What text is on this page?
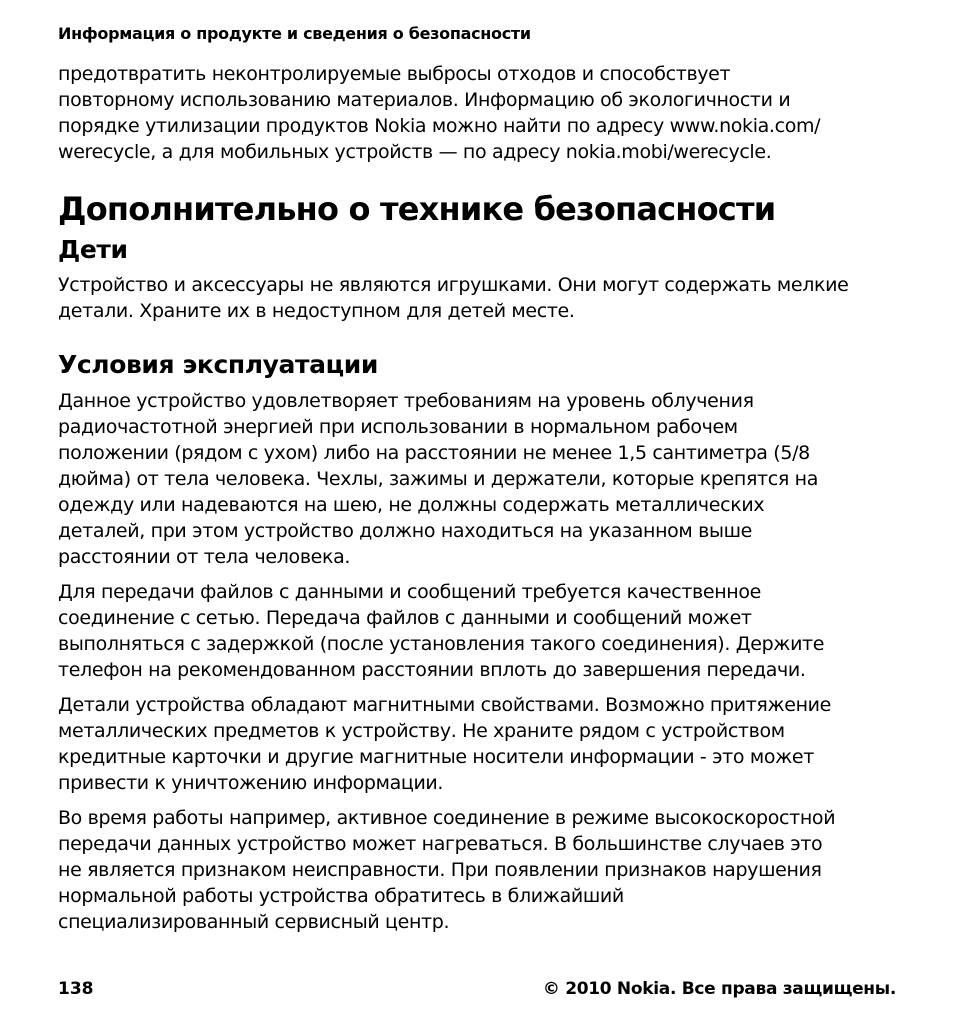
Информация о продукте и сведения о безопасности
предотвратить неконтролируемые выбросы отходов и способствует
повторному использованию материалов. Информацию об экологичности и
порядке утилизации продуктов Nokia можно найти по адресу www.nokia.com/
werecycle, а для мобильных устройств — по адресу nokia.mobi/werecycle.
Дополнительно о технике безопасности
Дети
Устройство и аксессуары не являются игрушками. Они могут содержать мелкие
детали. Храните их в недоступном для детей месте.
Условия эксплуатации

Данное устройство удовлетворяет требованиям на уровень облучения
радиочастотной энергией при использовании в нормальном рабочем
положении (рядом с ухом) либо на расстоянии не менее 1,5 сантиметра (5/8
дюйма) от тела человека. Чехлы, зажимы и держатели, которые крепятся на
одежду или надеваются на шею, не должны содержать металлических
деталей, при этом устройство должно находиться на указанном выше
расстоянии от тела человека.

Для передачи файлов с данными и сообщений требуется качественное
соединение с сетью. Передача файлов с данными и сообщений может
выполняться с задержкой (после установления такого соединения). Держите
телефон на рекомендованном расстоянии вплоть до завершения передачи.

Детали устройства обладают магнитными свойствами. Возможно притяжение
металлических предметов к устройству. Не храните рядом с устройством
кредитные карточки и другие магнитные носители информации - это может
привести к уничтожению информации.

Во время работы например, активное соединение в режиме высокоскоростной
передачи данных устройство может нагреваться. В большинстве случаев это
не является признаком неисправности. При появлении признаков нарушения
нормальной работы устройства обратитесь в ближайший
специализированный сервисный центр.

138	© 2010 Nokia. Все права защищены.
